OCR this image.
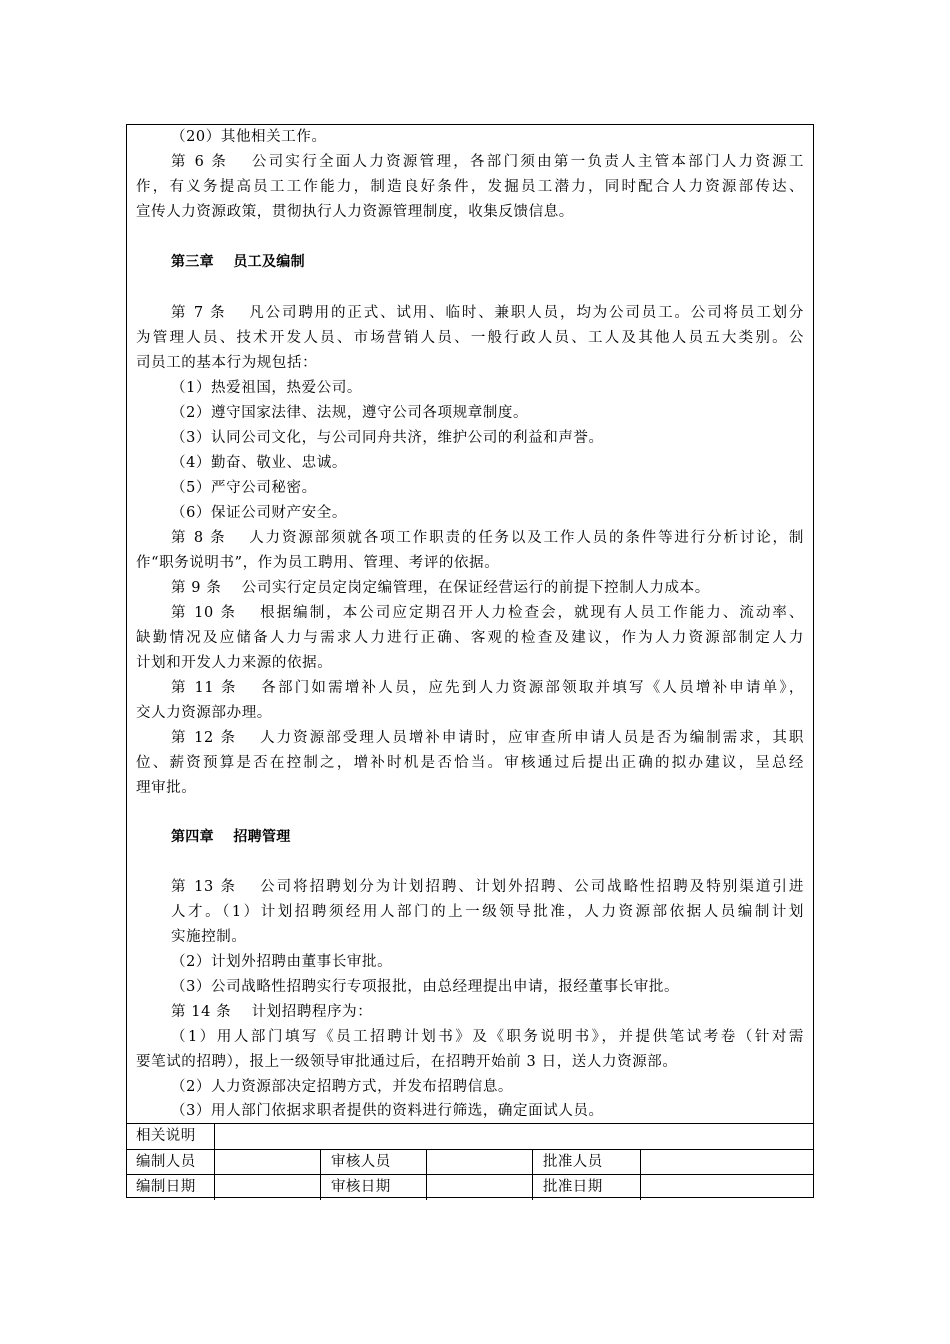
（20）其他相关工作。
第 6 条　 公司实行全面人力资源管理，各部门须由第一负责人主管本部门人力资源工
作，有义务提高员工工作能力，制造良好条件，发掘员工潜力，同时配合人力资源部传达、
宣传人力资源政策，贯彻执行人力资源管理制度，收集反馈信息。
第三章　 员工及编制
第 7 条　 凡公司聘用的正式、试用、临时、兼职人员，均为公司员工。公司将员工划分
为管理人员、技术开发人员、市场营销人员、一般行政人员、工人及其他人员五大类别。公
司员工的基本行为规包括：
（1）热爱祖国，热爱公司。
（2）遵守国家法律、法规，遵守公司各项规章制度。
（3）认同公司文化，与公司同舟共济，维护公司的利益和声誉。
（4）勤奋、敬业、忠诚。
（5）严守公司秘密。
（6）保证公司财产安全。
第 8 条　 人力资源部须就各项工作职责的任务以及工作人员的条件等进行分析讨论，制
作“职务说明书”，作为员工聘用、管理、考评的依据。
第 9 条　 公司实行定员定岗定编管理，在保证经营运行的前提下控制人力成本。
第 10 条　 根据编制，本公司应定期召开人力检查会，就现有人员工作能力、流动率、
缺勤情况及应储备人力与需求人力进行正确、客观的检查及建议，作为人力资源部制定人力
计划和开发人力来源的依据。
第 11 条　 各部门如需增补人员，应先到人力资源部领取并填写《人员增补申请单》，
交人力资源部办理。
第 12 条　 人力资源部受理人员增补申请时，应审查所申请人员是否为编制需求，其职
位、薪资预算是否在控制之，增补时机是否恰当。审核通过后提出正确的拟办建议，呈总经
理审批。
第四章　 招聘管理
第 13 条　 公司将招聘划分为计划招聘、计划外招聘、公司战略性招聘及特别渠道引进
人才。（1）计划招聘须经用人部门的上一级领导批准，人力资源部依据人员编制计划
实施控制。
（2）计划外招聘由董事长审批。
（3）公司战略性招聘实行专项报批，由总经理提出申请，报经董事长审批。
第 14 条　 计划招聘程序为：
（1）用人部门填写《员工招聘计划书》及《职务说明书》，并提供笔试考卷（针对需
要笔试的招聘），报上一级领导审批通过后，在招聘开始前 3 日，送人力资源部。
（2）人力资源部决定招聘方式，并发布招聘信息。
（3）用人部门依据求职者提供的资料进行筛选，确定面试人员。
相关说明
编制人员	审核人员	批准人员
编制日期	审核日期	批准日期
